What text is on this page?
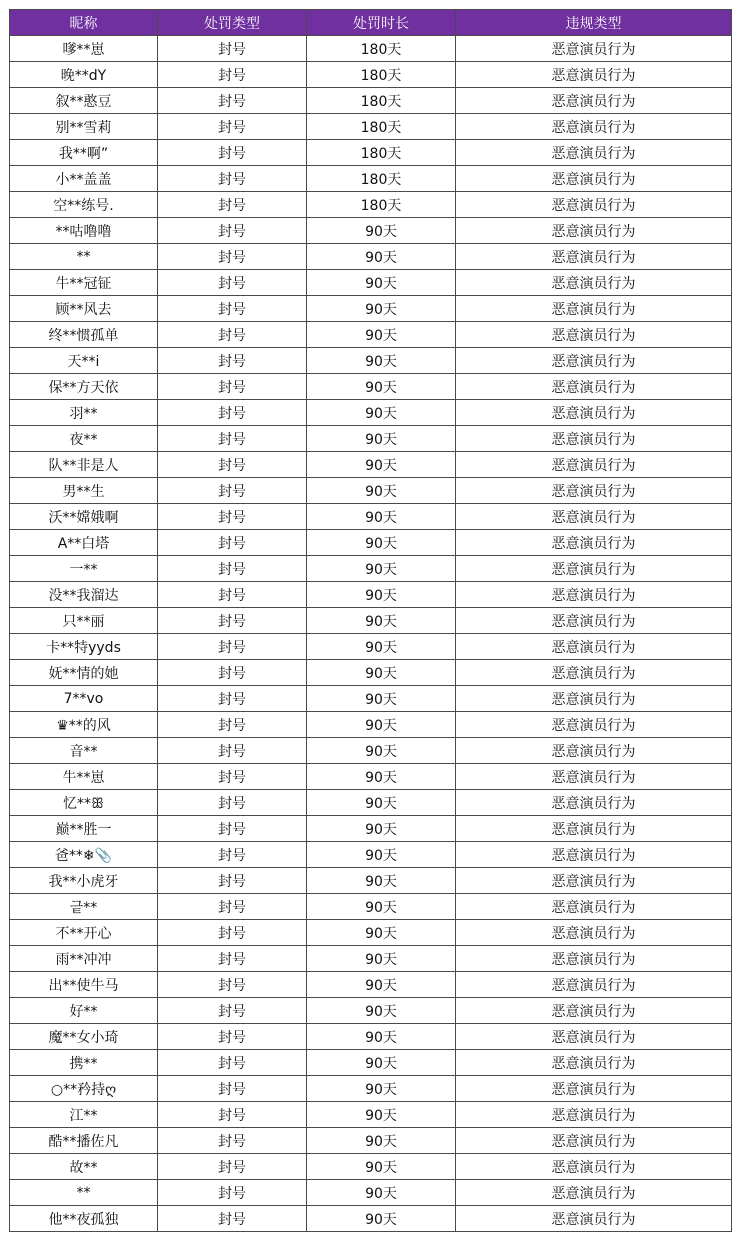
昵称	处罚类型	处罚时长	违规类型
嗲**崽	封号	180天	恶意演员行为
晚**dY	封号	180天	恶意演员行为
叙**憨豆	封号	180天	恶意演员行为
别**雪莉	封号	180天	恶意演员行为
我**啊”	封号	180天	恶意演员行为
小**盖盖	封号	180天	恶意演员行为
空**练号.	封号	180天	恶意演员行为
**咕噜噜	封号	90天	恶意演员行为
**	封号	90天	恶意演员行为
牛**冠钲	封号	90天	恶意演员行为
顾**风去	封号	90天	恶意演员行为
终**惯孤单	封号	90天	恶意演员行为
天**i	封号	90天	恶意演员行为
保**方天依	封号	90天	恶意演员行为
羽**	封号	90天	恶意演员行为
夜**	封号	90天	恶意演员行为
队**非是人	封号	90天	恶意演员行为
男**生	封号	90天	恶意演员行为
沃**嫦娥啊	封号	90天	恶意演员行为
A**白塔	封号	90天	恶意演员行为
一**	封号	90天	恶意演员行为
没**我溜达	封号	90天	恶意演员行为
只**丽	封号	90天	恶意演员行为
卡**特yyds	封号	90天	恶意演员行为
妩**情的她	封号	90天	恶意演员行为
7**vo	封号	90天	恶意演员行为
♛**的风	封号	90天	恶意演员行为
音**	封号	90天	恶意演员行为
牛**崽	封号	90天	恶意演员行为
忆**ꕥ	封号	90天	恶意演员行为
巅**胜一	封号	90天	恶意演员行为
爸**❄📎	封号	90天	恶意演员行为
我**小虎牙	封号	90天	恶意演员行为
긑**	封号	90天	恶意演员行为
不**开心	封号	90天	恶意演员行为
雨**冲冲	封号	90天	恶意演员行为
出**使牛马	封号	90天	恶意演员行为
好**	封号	90天	恶意演员行为
魔**女小琦	封号	90天	恶意演员行为
携**	封号	90天	恶意演员行为
○**矜持ღ	封号	90天	恶意演员行为
江**	封号	90天	恶意演员行为
酷**播佐凡	封号	90天	恶意演员行为
故**	封号	90天	恶意演员行为
**	封号	90天	恶意演员行为
他**夜孤独	封号	90天	恶意演员行为
